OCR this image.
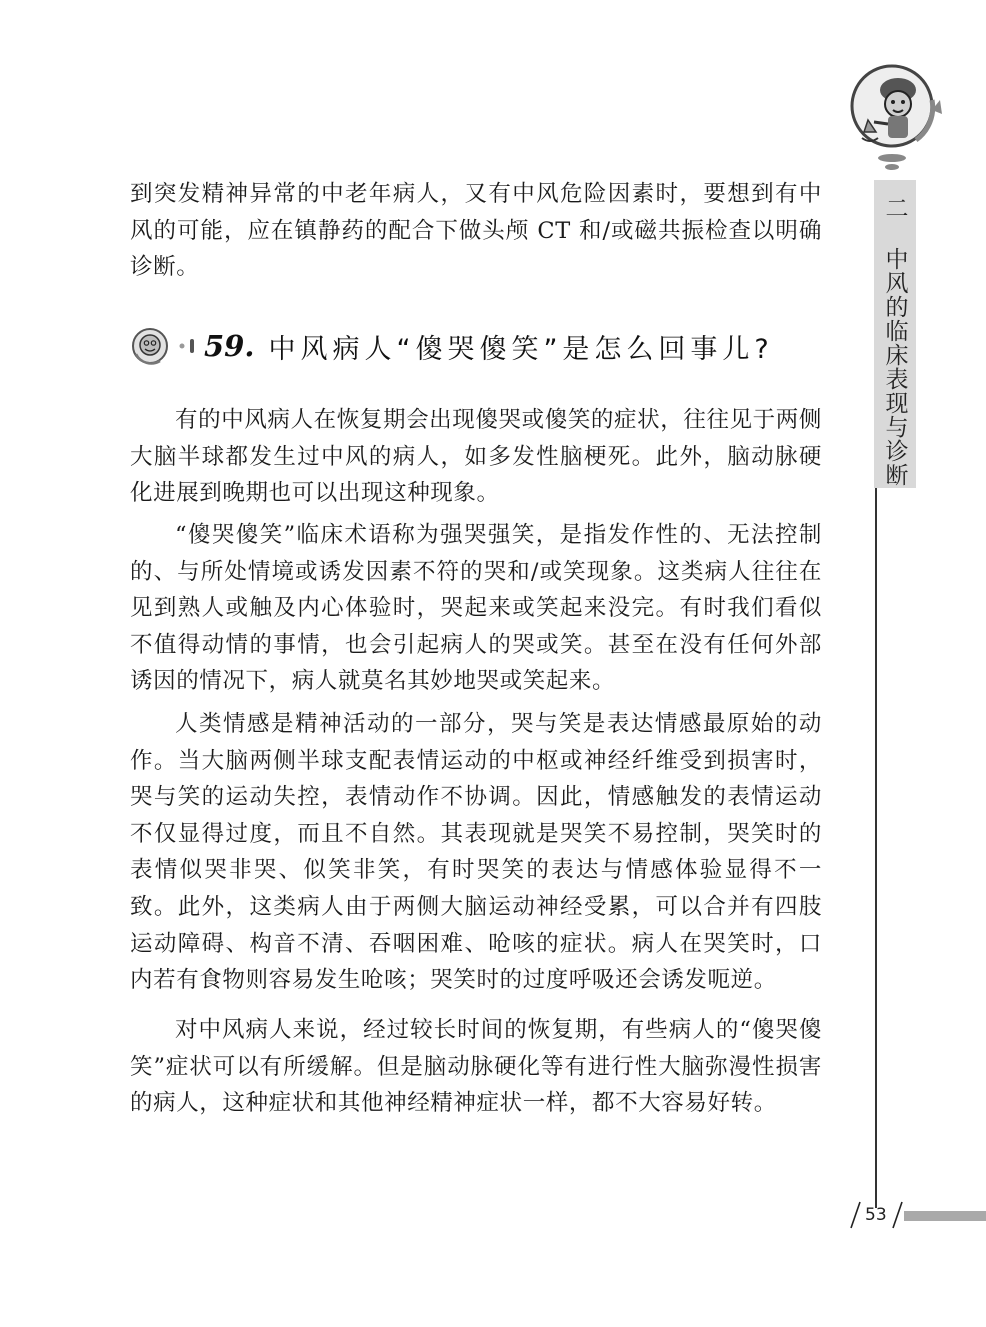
到突发精神异常的中老年病人，又有中风危险因素时，要想到有中风的可能，应在镇静药的配合下做头颅 CT 和/或磁共振检查以明确诊断。

59. 中风病人“傻哭傻笑”是怎么回事儿?

有的中风病人在恢复期会出现傻哭或傻笑的症状，往往见于两侧大脑半球都发生过中风的病人，如多发性脑梗死。此外，脑动脉硬化进展到晚期也可以出现这种现象。

“傻哭傻笑”临床术语称为强哭强笑，是指发作性的、无法控制的、与所处情境或诱发因素不符的哭和/或笑现象。这类病人往往在见到熟人或触及内心体验时，哭起来或笑起来没完。有时我们看似不值得动情的事情，也会引起病人的哭或笑。甚至在没有任何外部诱因的情况下，病人就莫名其妙地哭或笑起来。

人类情感是精神活动的一部分，哭与笑是表达情感最原始的动作。当大脑两侧半球支配表情运动的中枢或神经纤维受到损害时，哭与笑的运动失控，表情动作不协调。因此，情感触发的表情运动不仅显得过度，而且不自然。其表现就是哭笑不易控制，哭笑时的表情似哭非哭、似笑非笑，有时哭笑的表达与情感体验显得不一致。此外，这类病人由于两侧大脑运动神经受累，可以合并有四肢运动障碍、构音不清、吞咽困难、呛咳的症状。病人在哭笑时，口内若有食物则容易发生呛咳；哭笑时的过度呼吸还会诱发呃逆。

对中风病人来说，经过较长时间的恢复期，有些病人的“傻哭傻笑”症状可以有所缓解。但是脑动脉硬化等有进行性大脑弥漫性损害的病人，这种症状和其他神经精神症状一样，都不大容易好转。

二 中风的临床表现与诊断
53
